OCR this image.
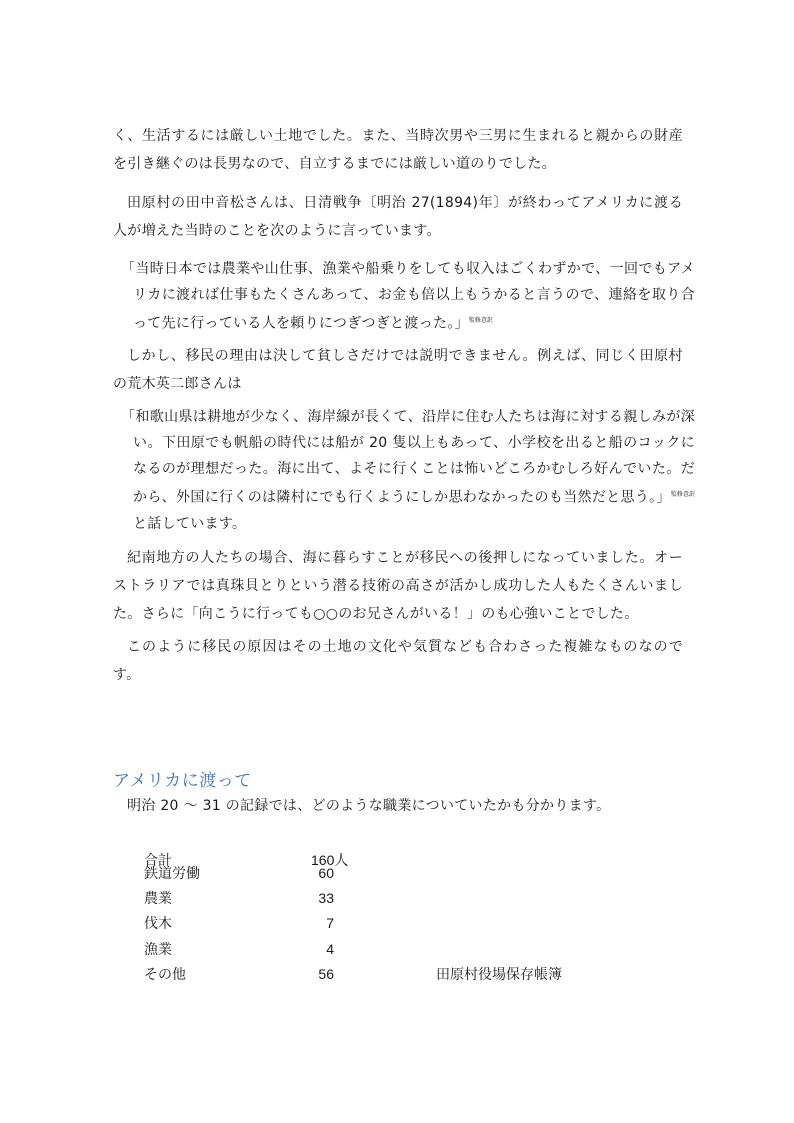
く、生活するには厳しい土地でした。また、当時次男や三男に生まれると親からの財産を引き継ぐのは長男なので、自立するまでには厳しい道のりでした。

田原村の田中音松さんは、日清戦争〔明治 27(1894)年〕が終わってアメリカに渡る人が増えた当時のことを次のように言っています。

「当時日本では農業や山仕事、漁業や船乗りをしても収入はごくわずかで、一回でもアメリカに渡れば仕事もたくさんあって、お金も倍以上もうかると言うので、連絡を取り合って先に行っている人を頼りにつぎつぎと渡った。」$^{監修意訳}$

しかし、移民の理由は決して貧しさだけでは説明できません。例えば、同じく田原村の荒木英二郎さんは

「和歌山県は耕地が少なく、海岸線が長くて、沿岸に住む人たちは海に対する親しみが深い。下田原でも帆船の時代には船が 20 隻以上もあって、小学校を出ると船のコックになるのが理想だった。海に出て、よそに行くことは怖いどころかむしろ好んでいた。だから、外国に行くのは隣村にでも行くようにしか思わなかったのも当然だと思う。」$^{監修意訳}$ と話しています。

紀南地方の人たちの場合、海に暮らすことが移民への後押しになっていました。オーストラリアでは真珠貝とりという潜る技術の高さが活かし成功した人もたくさんいました。さらに「向こうに行っても○○のお兄さんがいる！」のも心強いことでした。

このように移民の原因はその土地の文化や気質なども合わさった複雑なものなのです。

アメリカに渡って

明治 20 ～ 31 の記録では、どのような職業についていたかも分かります。

合計	160人
鉄道労働	60
農業	33
伐木	7
漁業	4
その他	56	田原村役場保存帳簿
